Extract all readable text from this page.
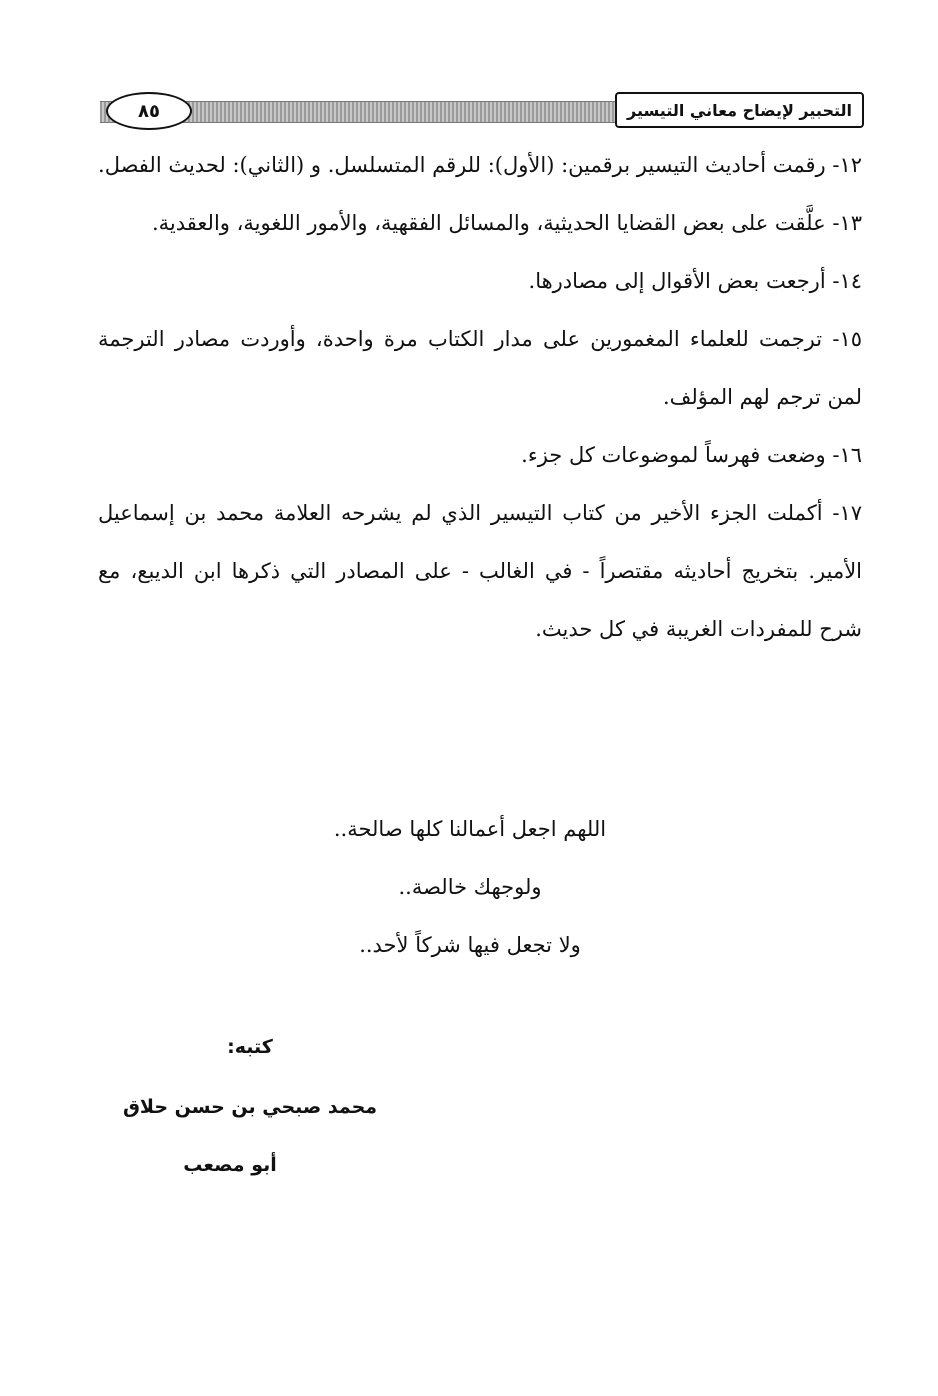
٨٥	التحبير لإيضاح معاني التيسير

١٢- رقمت أحاديث التيسير برقمين: (الأول): للرقم المتسلسل. و (الثاني): لحديث الفصل.

١٣- علَّقت على بعض القضايا الحديثية، والمسائل الفقهية، والأمور اللغوية، والعقدية.

١٤- أرجعت بعض الأقوال إلى مصادرها.

١٥- ترجمت للعلماء المغمورين على مدار الكتاب مرة واحدة، وأوردت مصادر الترجمة لمن ترجم لهم المؤلف.

١٦- وضعت فهرساً لموضوعات كل جزء.

١٧- أكملت الجزء الأخير من كتاب التيسير الذي لم يشرحه العلامة محمد بن إسماعيل الأمير. بتخريج أحاديثه مقتصراً - في الغالب - على المصادر التي ذكرها ابن الديبع، مع شرح للمفردات الغريبة في كل حديث.

اللهم اجعل أعمالنا كلها صالحة..
ولوجهك خالصة..
ولا تجعل فيها شركاً لأحد..
كتبه:
محمد صبحي بن حسن حلاق
أبو مصعب
